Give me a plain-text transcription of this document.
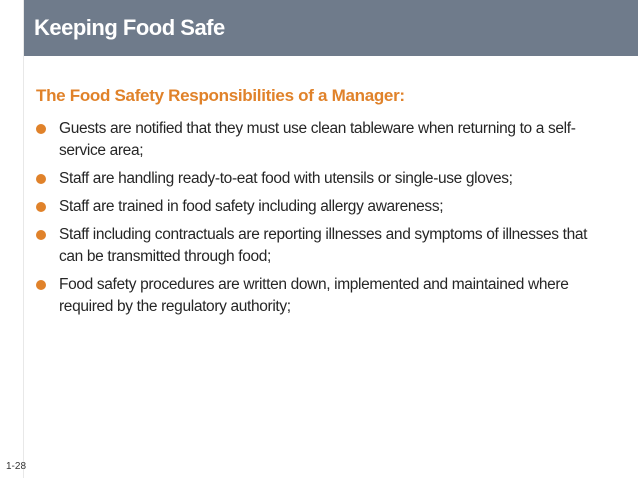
Keeping Food Safe
The Food Safety Responsibilities of a Manager:
Guests are notified that they must use clean tableware when returning to a self-service area;
Staff are handling ready-to-eat food with utensils or single-use gloves;
Staff are trained in food safety including allergy awareness;
Staff including contractuals are reporting illnesses and symptoms of illnesses that can be transmitted through food;
Food safety procedures are written down, implemented and maintained where required by the regulatory authority;
1-28
